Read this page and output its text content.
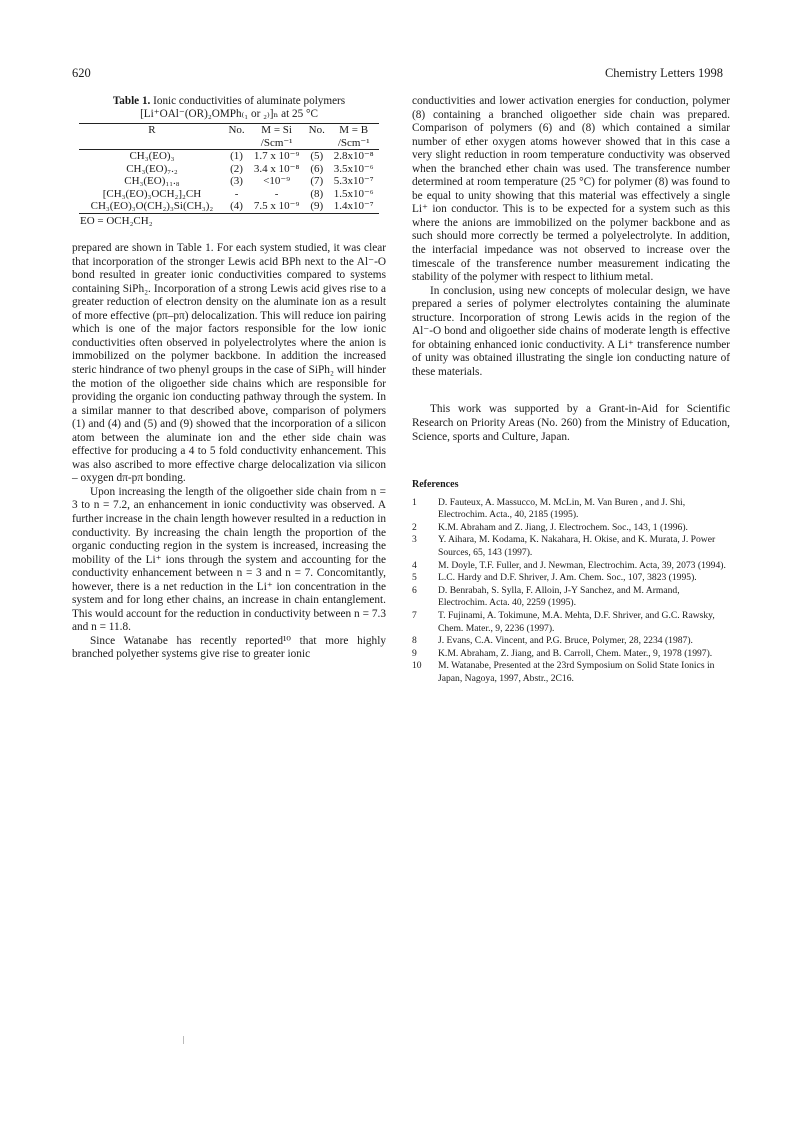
620	Chemistry Letters 1998
Table 1. Ionic conductivities of aluminate polymers
[Li⁺OAl⁻(OR)₂OMPh₍₁ or ₂₎]ₙ at 25 °C
R	No.	M = Si	No.	M = B
		/Scm⁻¹		/Scm⁻¹
CH₃(EO)₃	(1)	1.7 x 10⁻⁹	(5)	2.8x10⁻⁸
CH₃(EO)₇.₂	(2)	3.4 x 10⁻⁸	(6)	3.5x10⁻⁶
CH₃(EO)₁₁.₈	(3)	<10⁻⁹	(7)	5.3x10⁻⁷
[CH₃(EO)₃OCH₂]₂CH	-	-	(8)	1.5x10⁻⁶
CH₃(EO)₃O(CH₂)₃Si(CH₃)₂	(4)	7.5 x 10⁻⁹	(9)	1.4x10⁻⁷
EO = OCH₂CH₂

prepared are shown in Table 1. For each system studied, it was clear that incorporation of the stronger Lewis acid BPh next to the Al⁻-O bond resulted in greater ionic conductivities compared to systems containing SiPh₂. Incorporation of a strong Lewis acid gives rise to a greater reduction of electron density on the aluminate ion as a result of more effective (pπ–pπ) delocalization. This will reduce ion pairing which is one of the major factors responsible for the low ionic conductivities often observed in polyelectrolytes where the anion is immobilized on the polymer backbone. In addition the increased steric hindrance of two phenyl groups in the case of SiPh₂ will hinder the motion of the oligoether side chains which are responsible for providing the organic ion conducting pathway through the system. In a similar manner to that described above, comparison of polymers (1) and (4) and (5) and (9) showed that the incorporation of a silicon atom between the aluminate ion and the ether side chain was effective for producing a 4 to 5 fold conductivity enhancement. This was also ascribed to more effective charge delocalization via silicon – oxygen dπ-pπ bonding.

Upon increasing the length of the oligoether side chain from n = 3 to n = 7.2, an enhancement in ionic conductivity was observed. A further increase in the chain length however resulted in a reduction in conductivity. By increasing the chain length the proportion of the organic conducting region in the system is increased, increasing the mobility of the Li⁺ ions through the system and accounting for the conductivity enhancement between n = 3 and n = 7. Concomitantly, however, there is a net reduction in the Li⁺ ion concentration in the system and for long ether chains, an increase in chain entanglement. This would account for the reduction in conductivity between n = 7.3 and n = 11.8.

Since Watanabe has recently reported¹⁰ that more highly branched polyether systems give rise to greater ionic

conductivities and lower activation energies for conduction, polymer (8) containing a branched oligoether side chain was prepared. Comparison of polymers (6) and (8) which contained a similar number of ether oxygen atoms however showed that in this case a very slight reduction in room temperature conductivity was observed when the branched ether chain was used. The transference number determined at room temperature (25 °C) for polymer (8) was found to be equal to unity showing that this material was effectively a single Li⁺ ion conductor. This is to be expected for a system such as this where the anions are immobilized on the polymer backbone and as such should more correctly be termed a polyelectrolyte. In addition, the interfacial impedance was not observed to increase over the timescale of the transference number measurement indicating the stability of the polymer with respect to lithium metal.

In conclusion, using new concepts of molecular design, we have prepared a series of polymer electrolytes containing the aluminate structure. Incorporation of strong Lewis acids in the region of the Al⁻-O bond and oligoether side chains of moderate length is effective for obtaining enhanced ionic conductivity. A Li⁺ transference number of unity was obtained illustrating the single ion conducting nature of these materials.

This work was supported by a Grant-in-Aid for Scientific Research on Priority Areas (No. 260) from the Ministry of Education, Science, sports and Culture, Japan.

References
1	D. Fauteux, A. Massucco, M. McLin, M. Van Buren , and J. Shi, Electrochim. Acta., 40, 2185 (1995).
2	K.M. Abraham and Z. Jiang, J. Electrochem. Soc., 143, 1 (1996).
3	Y. Aihara, M. Kodama, K. Nakahara, H. Okise, and K. Murata, J. Power Sources, 65, 143 (1997).
4	M. Doyle, T.F. Fuller, and J. Newman, Electrochim. Acta, 39, 2073 (1994).
5	L.C. Hardy and D.F. Shriver, J. Am. Chem. Soc., 107, 3823 (1995).
6	D. Benrabah, S. Sylla, F. Alloin, J-Y Sanchez, and M. Armand, Electrochim. Acta. 40, 2259 (1995).
7	T. Fujinami, A. Tokimune, M.A. Mehta, D.F. Shriver, and G.C. Rawsky, Chem. Mater., 9, 2236 (1997).
8	J. Evans, C.A. Vincent, and P.G. Bruce, Polymer, 28, 2234 (1987).
9	K.M. Abraham, Z. Jiang, and B. Carroll, Chem. Mater., 9, 1978 (1997).
10	M. Watanabe, Presented at the 23rd Symposium on Solid State Ionics in Japan, Nagoya, 1997, Abstr., 2C16.
